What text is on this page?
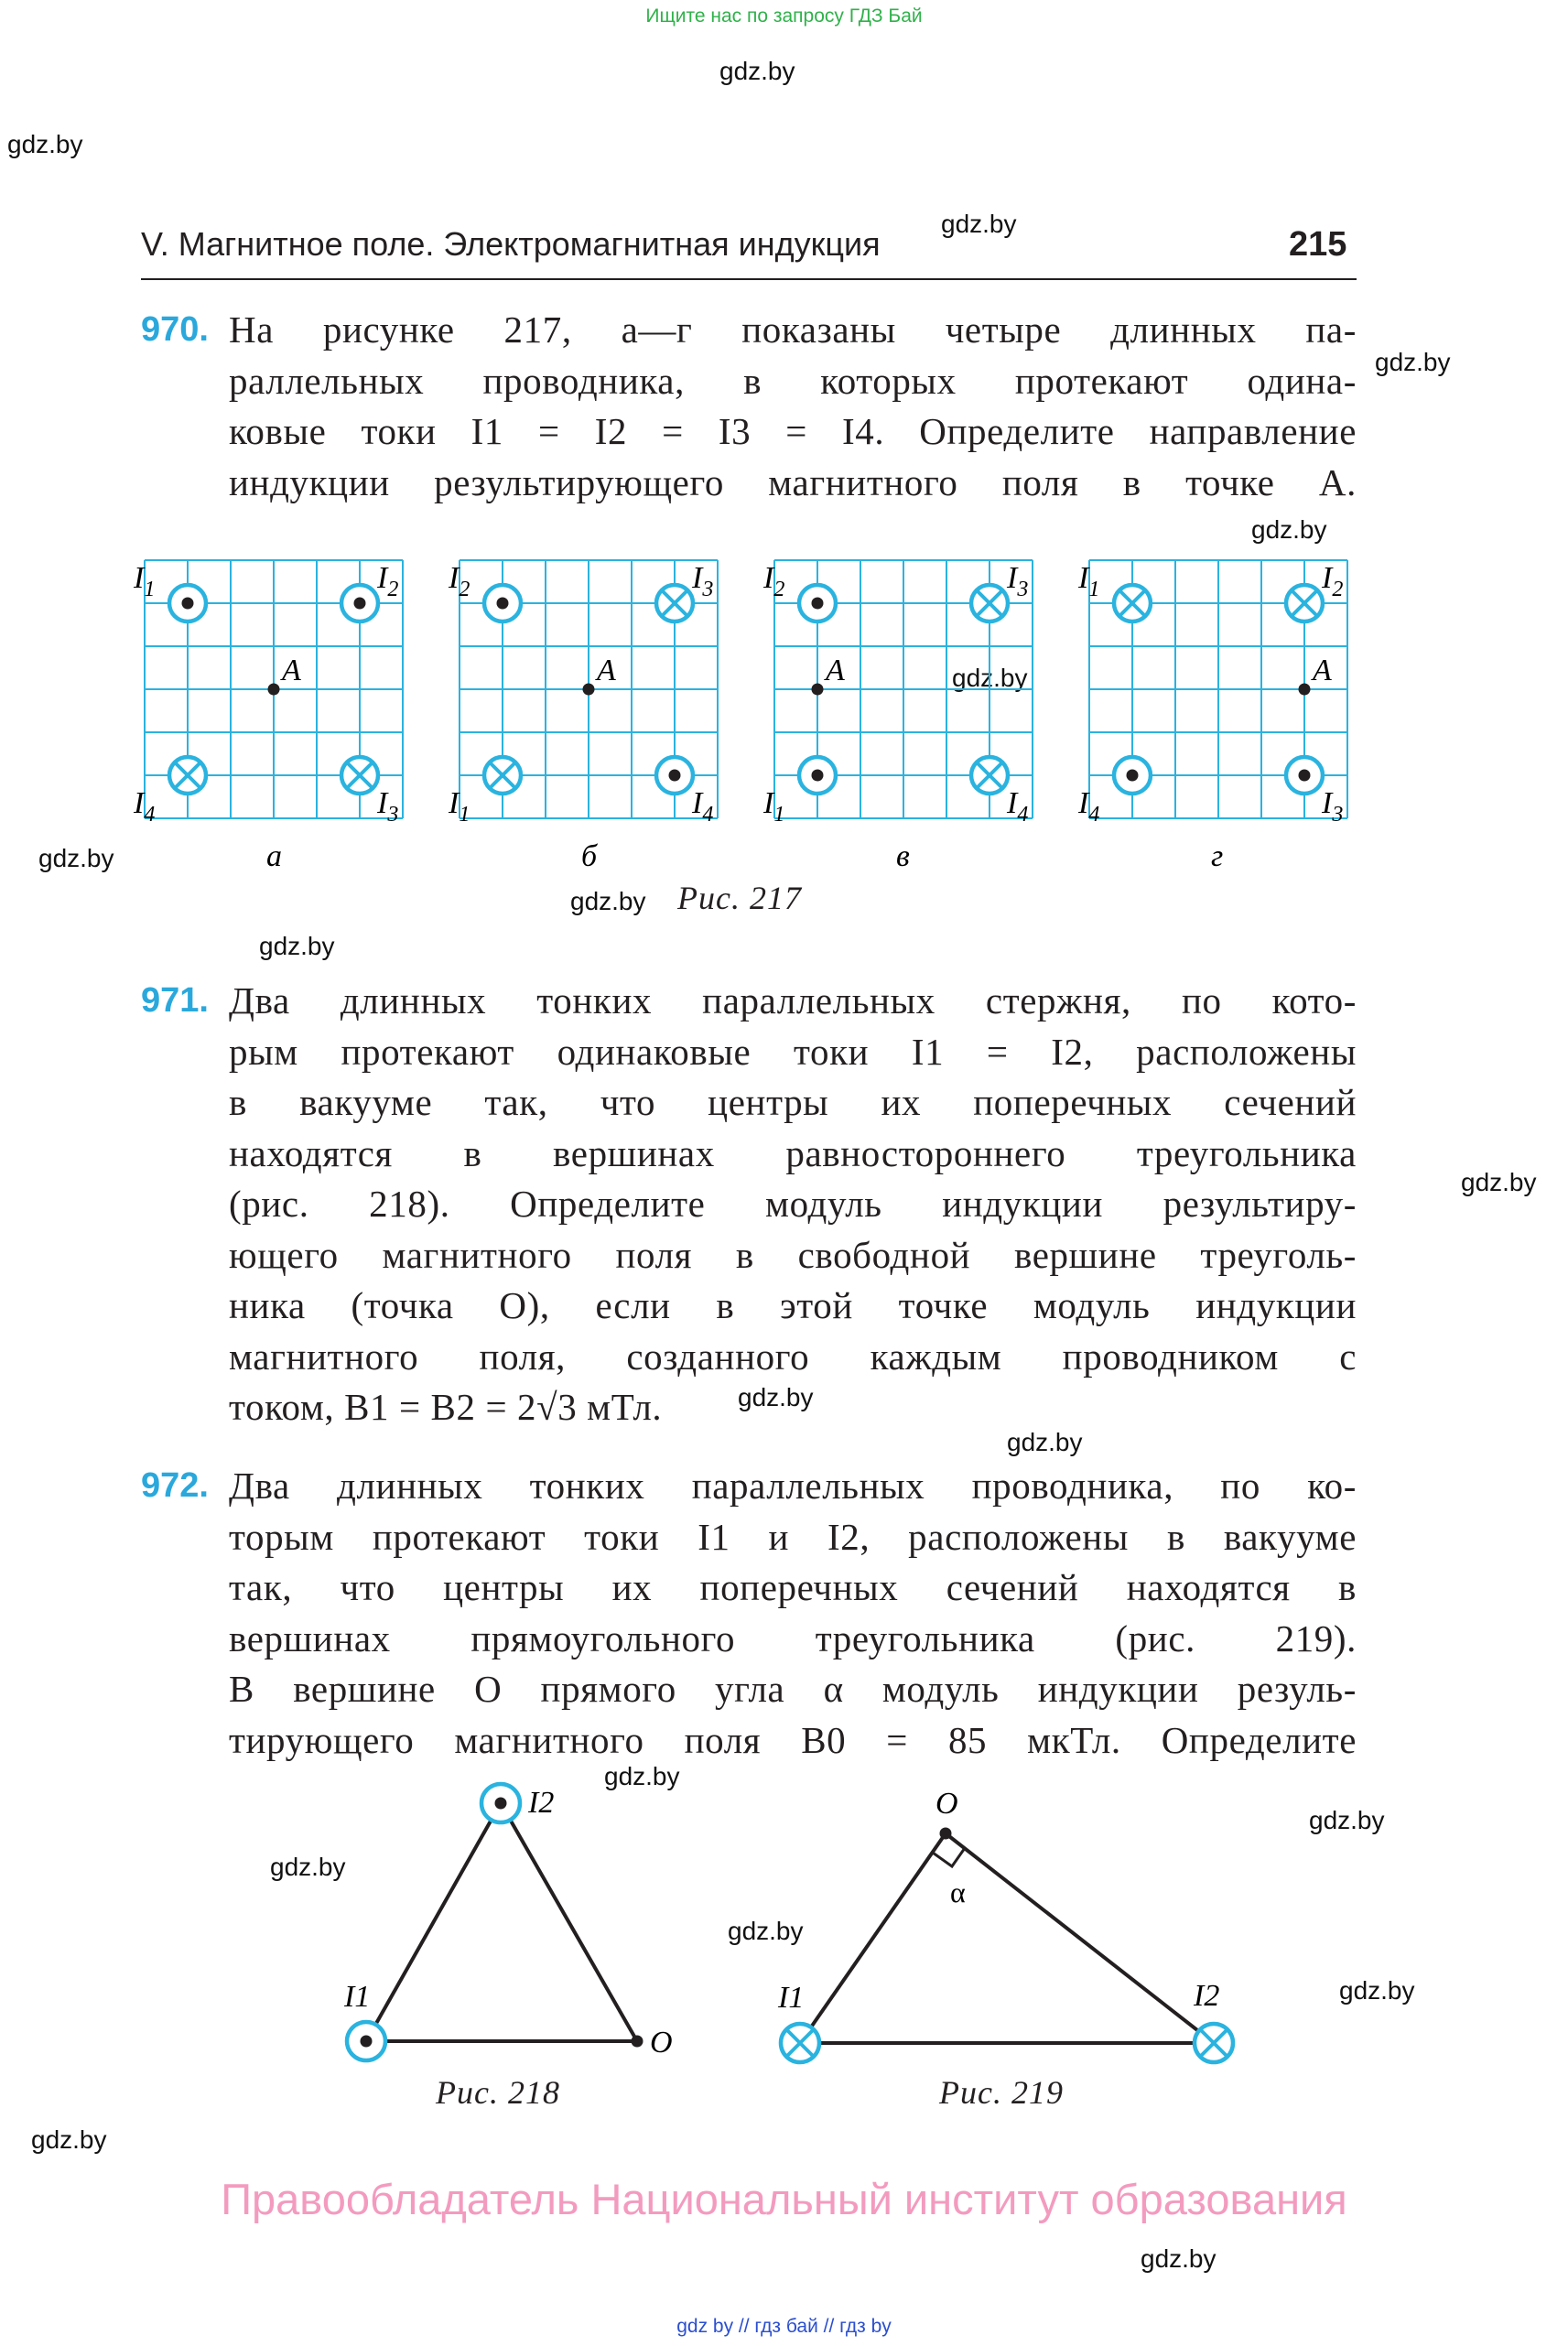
Ищите нас по запросу ГДЗ Бай
gdz.by
gdz.by
gdz.by
gdz.by
gdz.by
gdz.by
gdz.by
gdz.by
gdz.by
gdz.by
gdz.by
gdz.by
gdz.by
gdz.by
gdz.by
gdz.by
gdz.by
gdz.by
gdz.by
V. Магнитное поле. Электромагнитная индукция	215
970. На рисунке 217, а—г показаны четыре длинных па-
раллельных проводника, в которых протекают одина-
ковые токи I1 = I2 = I3 = I4. Определите направление
индукции результирующего магнитного поля в точке A.
A
$I_1$	$I_2$
$I_4$	$I_3$
а
A
$I_2$	$I_3$
$I_1$	$I_4$
б
A
$I_2$	$I_3$
$I_1$	$I_4$
в
A
$I_1$	$I_2$
$I_4$	$I_3$
г
Рис. 217
971. Два длинных тонких параллельных стержня, по кото-
рым протекают одинаковые токи I1 = I2, расположены
в вакууме так, что центры их поперечных сечений
находятся в вершинах равностороннего треугольника
(рис. 218). Определите модуль индукции результиру-
ющего магнитного поля в свободной вершине треуголь-
ника (точка O), если в этой точке модуль индукции
магнитного поля, созданного каждым проводником с
током, B1 = B2 = 2√3 мТл.
972. Два длинных тонких параллельных проводника, по ко-
торым протекают токи I1 и I2, расположены в вакууме
так, что центры их поперечных сечений находятся в
вершинах прямоугольного треугольника (рис. 219).
В вершине O прямого угла α модуль индукции резуль-
тирующего магнитного поля B0 = 85 мкТл. Определите
I2
I1
O
Рис. 218
O
α
I1	I2
Рис. 219
Правообладатель Национальный институт образования
gdz by // гдз бай // гдз by
